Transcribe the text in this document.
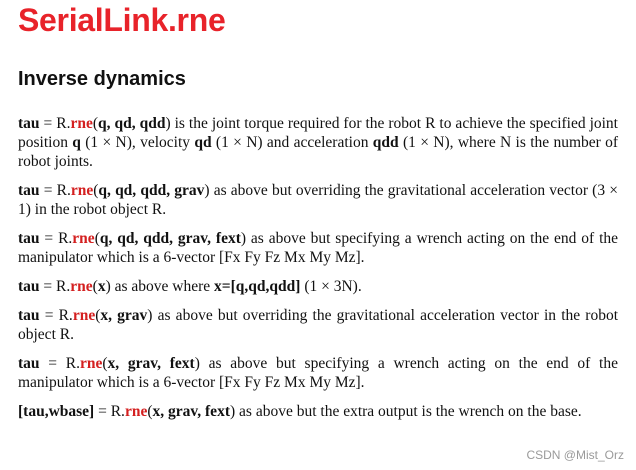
SerialLink.rne
Inverse dynamics

tau = R.rne(q, qd, qdd) is the joint torque required for the robot R to achieve the specified joint position q (1 × N), velocity qd (1 × N) and acceleration qdd (1 × N), where N is the number of robot joints.

tau = R.rne(q, qd, qdd, grav) as above but overriding the gravitational acceleration vector (3 × 1) in the robot object R.

tau = R.rne(q, qd, qdd, grav, fext) as above but specifying a wrench acting on the end of the manipulator which is a 6-vector [Fx Fy Fz Mx My Mz].

tau = R.rne(x) as above where x=[q,qd,qdd] (1 × 3N).

tau = R.rne(x, grav) as above but overriding the gravitational acceleration vector in the robot object R.

tau = R.rne(x, grav, fext) as above but specifying a wrench acting on the end of the manipulator which is a 6-vector [Fx Fy Fz Mx My Mz].

[tau,wbase] = R.rne(x, grav, fext) as above but the extra output is the wrench on the base.

CSDN @Mist_Orz
